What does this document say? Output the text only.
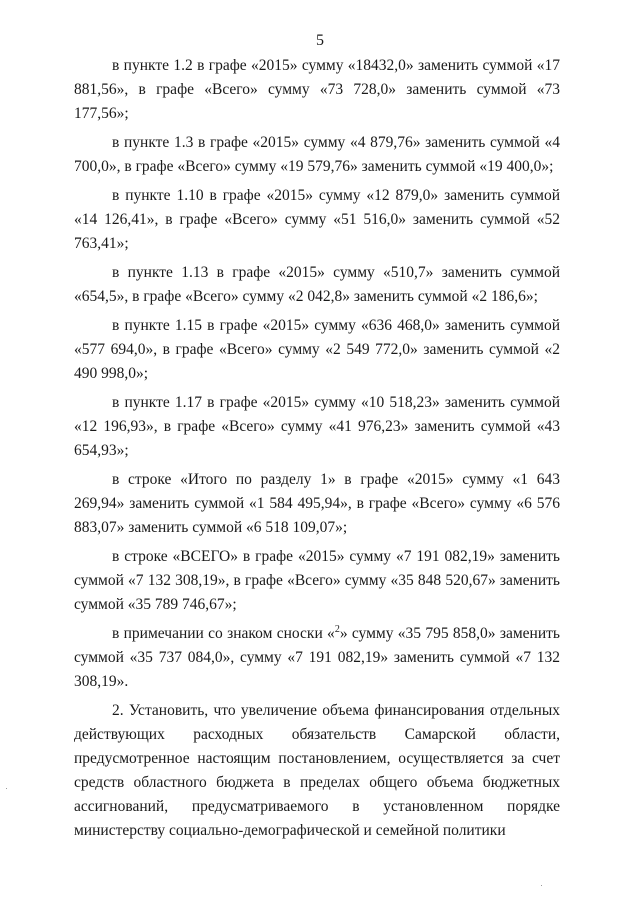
5

в пункте 1.2 в графе «2015» сумму «18432,0» заменить суммой «17 881,56», в графе «Всего» сумму «73 728,0» заменить суммой «73 177,56»;

в пункте 1.3 в графе «2015» сумму «4 879,76» заменить суммой «4 700,0», в графе «Всего» сумму «19 579,76» заменить суммой «19 400,0»;

в пункте 1.10 в графе «2015» сумму «12 879,0» заменить суммой «14 126,41», в графе «Всего» сумму «51 516,0» заменить суммой «52 763,41»;

в пункте 1.13 в графе «2015» сумму «510,7» заменить суммой «654,5», в графе «Всего» сумму «2 042,8» заменить суммой «2 186,6»;

в пункте 1.15 в графе «2015» сумму «636 468,0» заменить суммой «577 694,0», в графе «Всего» сумму «2 549 772,0» заменить суммой «2 490 998,0»;

в пункте 1.17 в графе «2015» сумму «10 518,23» заменить суммой «12 196,93», в графе «Всего» сумму «41 976,23» заменить суммой «43 654,93»;

в строке «Итого по разделу 1» в графе «2015» сумму «1 643 269,94» заменить суммой «1 584 495,94», в графе «Всего» сумму «6 576 883,07» заменить суммой «6 518 109,07»;

в строке «ВСЕГО» в графе «2015» сумму «7 191 082,19» заменить суммой «7 132 308,19», в графе «Всего» сумму «35 848 520,67» заменить суммой «35 789 746,67»;

в примечании со знаком сноски «$^2$» сумму «35 795 858,0» заменить суммой «35 737 084,0», сумму «7 191 082,19» заменить суммой «7 132 308,19».

2. Установить, что увеличение объема финансирования отдельных действующих расходных обязательств Самарской области, предусмотренное настоящим постановлением, осуществляется за счет средств областного бюджета в пределах общего объема бюджетных ассигнований, предусматриваемого в установленном порядке министерству социально-демографической и семейной политики
